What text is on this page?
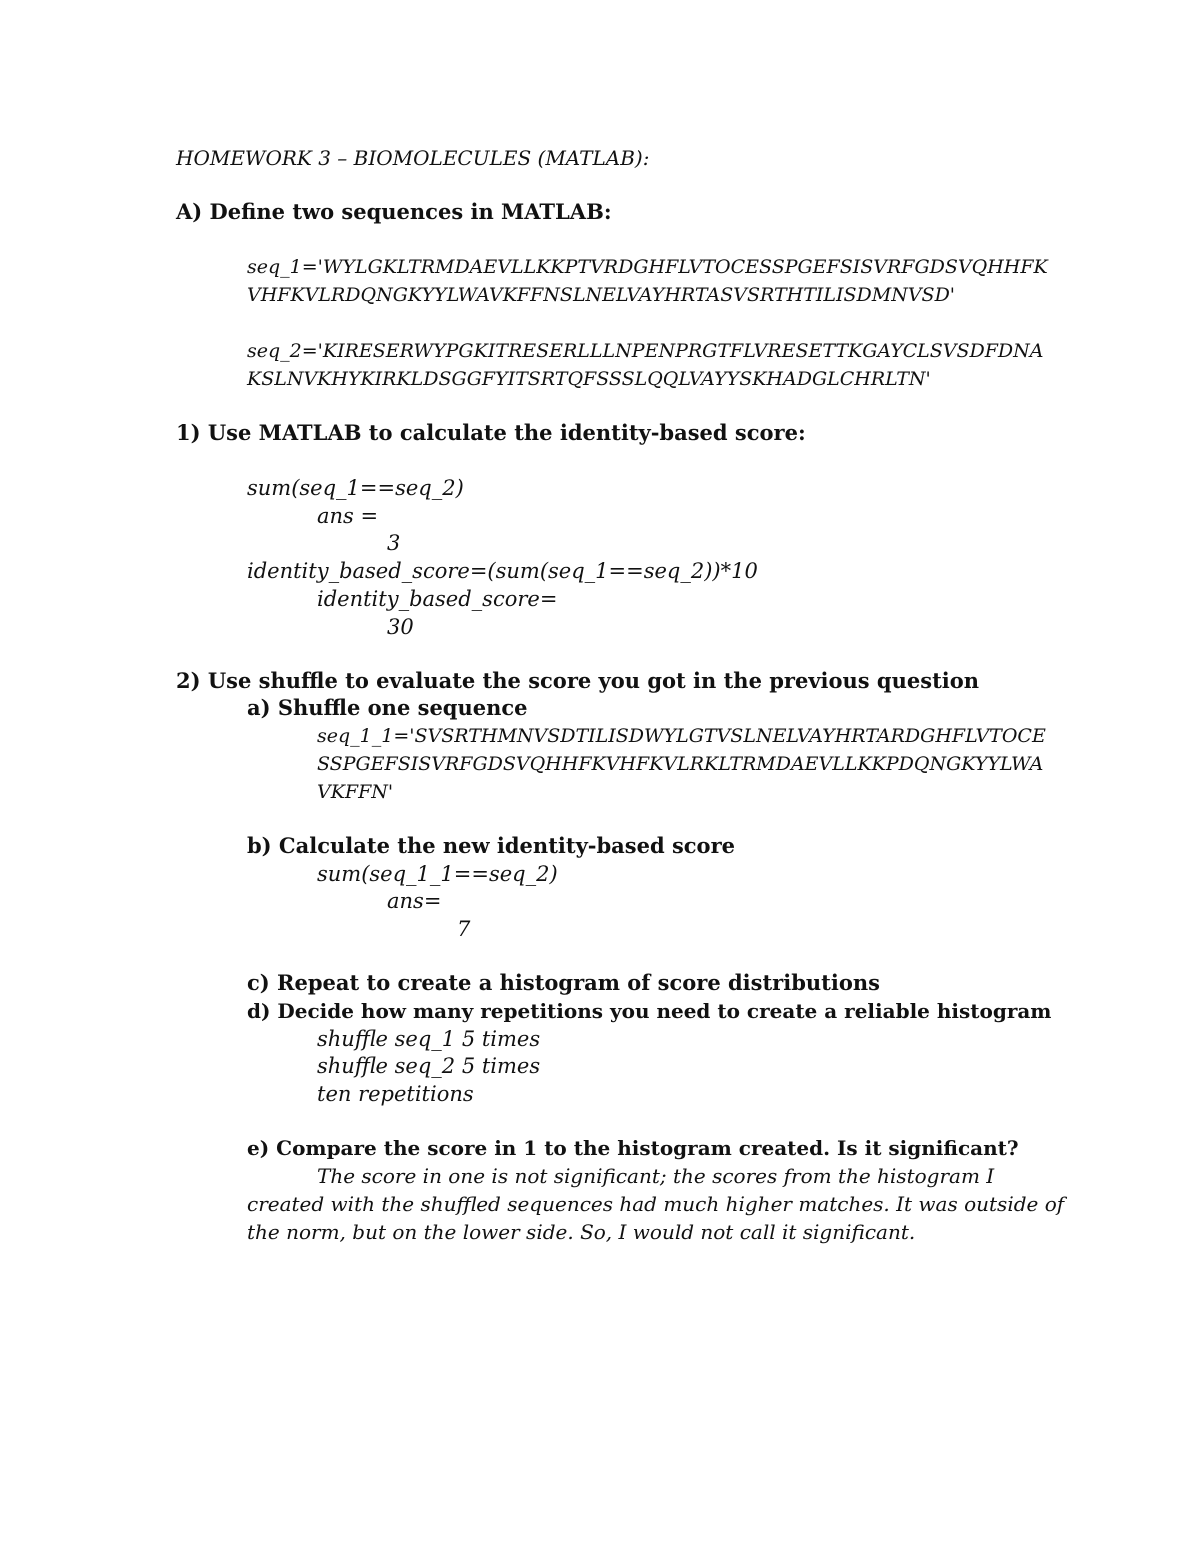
HOMEWORK 3 – BIOMOLECULES (MATLAB):
A) Define two sequences in MATLAB:
seq_1='WYLGKLTRMDAEVLLKKPTVRDGHFLVTOCESSPGEFSISVRFGDSVQHHFK
VHFKVLRDQNGKYYLWAVKFFNSLNELVAYHRTASVSRTHTILISDMNVSD'
seq_2='KIRESERWYPGKITRESERLLLNPENPRGTFLVRESETTKGAYCLSVSDFDNA
KSLNVKHYKIRKLDSGGFYITSRTQFSSSLQQLVAYYSKHADGLCHRLTN'
1) Use MATLAB to calculate the identity-based score:
sum(seq_1==seq_2)
ans =
3
identity_based_score=(sum(seq_1==seq_2))*10
identity_based_score=
30
2) Use shuffle to evaluate the score you got in the previous question
a) Shuffle one sequence
seq_1_1='SVSRTHMNVSDTILISDWYLGTVSLNELVAYHRTARDGHFLVTOCE
SSPGEFSISVRFGDSVQHHFKVHFKVLRKLTRMDAEVLLKKPDQNGKYYLWA
VKFFN'
b) Calculate the new identity-based score
sum(seq_1_1==seq_2)
ans=
7
c) Repeat to create a histogram of score distributions
d) Decide how many repetitions you need to create a reliable histogram
shuffle seq_1 5 times
shuffle seq_2 5 times
ten repetitions
e) Compare the score in 1 to the histogram created. Is it significant?
The score in one is not significant; the scores from the histogram I
created with the shuffled sequences had much higher matches. It was outside of
the norm, but on the lower side. So, I would not call it significant.
